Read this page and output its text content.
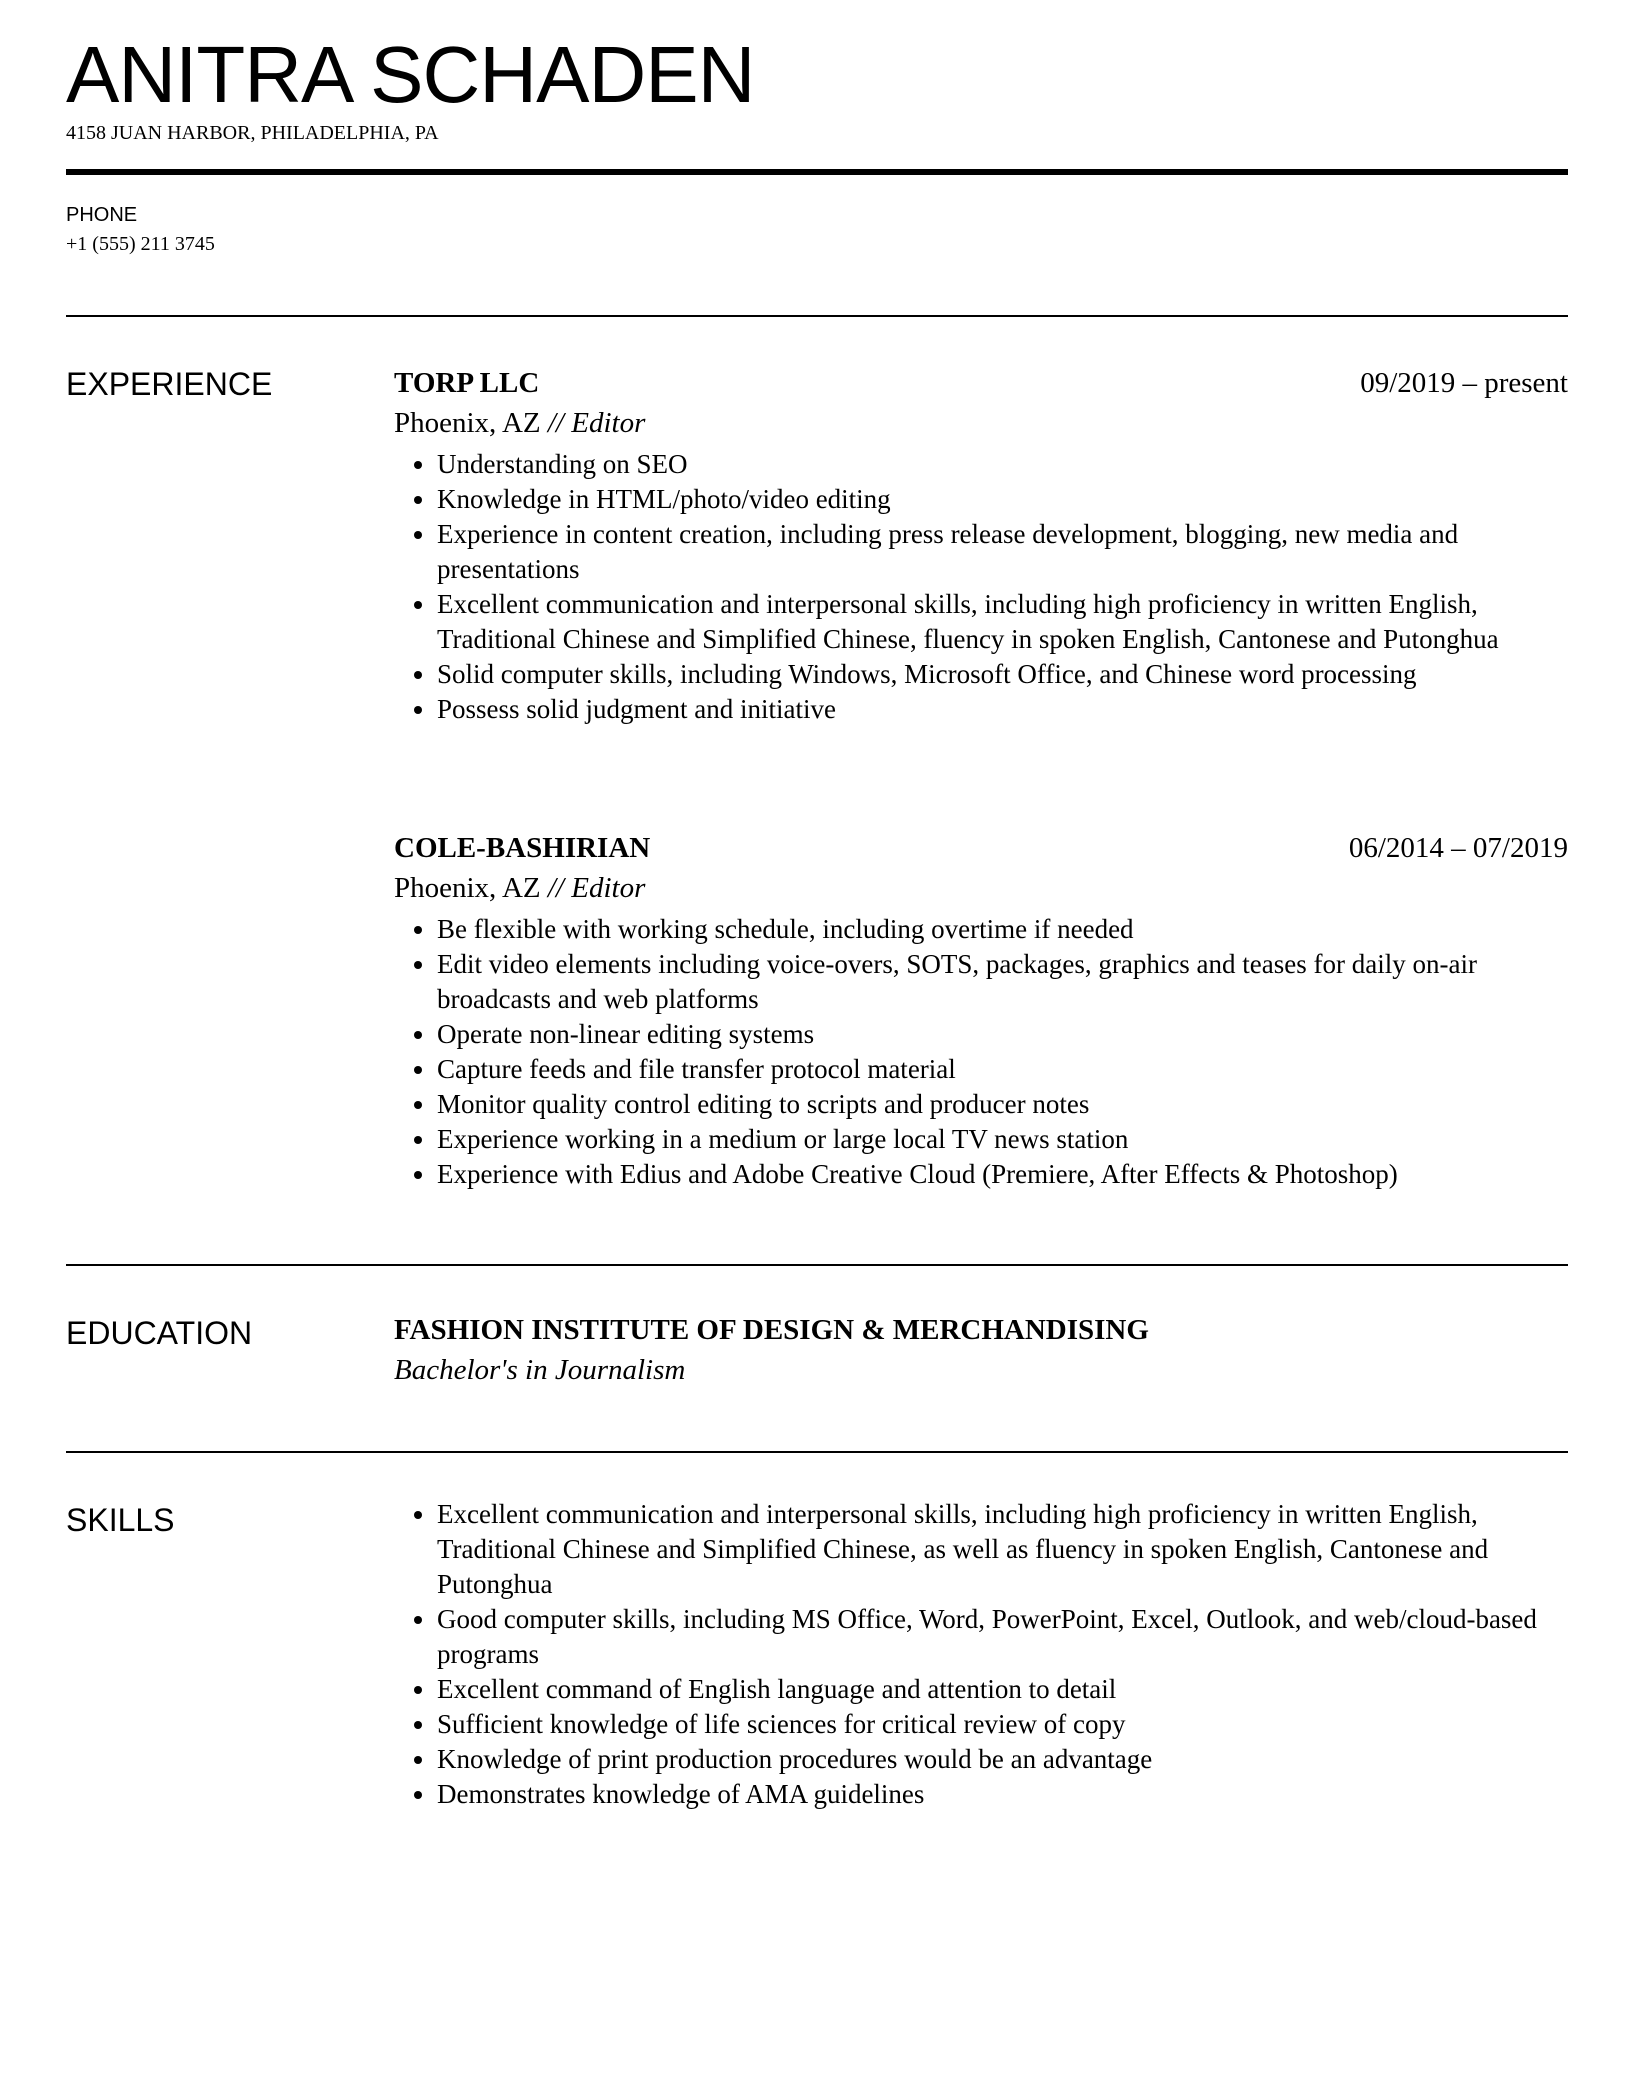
ANITRA SCHADEN
4158 JUAN HARBOR, PHILADELPHIA, PA
PHONE
+1 (555) 211 3745
EXPERIENCE	TORP LLC	09/2019 – present
Phoenix, AZ // Editor
• Understanding on SEO
• Knowledge in HTML/photo/video editing
• Experience in content creation, including press release development, blogging, new media and presentations
• Excellent communication and interpersonal skills, including high proficiency in written English, Traditional Chinese and Simplified Chinese, fluency in spoken English, Cantonese and Putonghua
• Solid computer skills, including Windows, Microsoft Office, and Chinese word processing
• Possess solid judgment and initiative
COLE-BASHIRIAN	06/2014 – 07/2019
Phoenix, AZ // Editor
• Be flexible with working schedule, including overtime if needed
• Edit video elements including voice-overs, SOTS, packages, graphics and teases for daily on-air broadcasts and web platforms
• Operate non-linear editing systems
• Capture feeds and file transfer protocol material
• Monitor quality control editing to scripts and producer notes
• Experience working in a medium or large local TV news station
• Experience with Edius and Adobe Creative Cloud (Premiere, After Effects & Photoshop)
EDUCATION	FASHION INSTITUTE OF DESIGN & MERCHANDISING
Bachelor's in Journalism
SKILLS
•	Excellent communication and interpersonal skills, including high proficiency in written English, Traditional Chinese and Simplified Chinese, as well as fluency in spoken English, Cantonese and Putonghua
• Good computer skills, including MS Office, Word, PowerPoint, Excel, Outlook, and web/cloud-based programs
• Excellent command of English language and attention to detail
• Sufficient knowledge of life sciences for critical review of copy
• Knowledge of print production procedures would be an advantage
• Demonstrates knowledge of AMA guidelines
